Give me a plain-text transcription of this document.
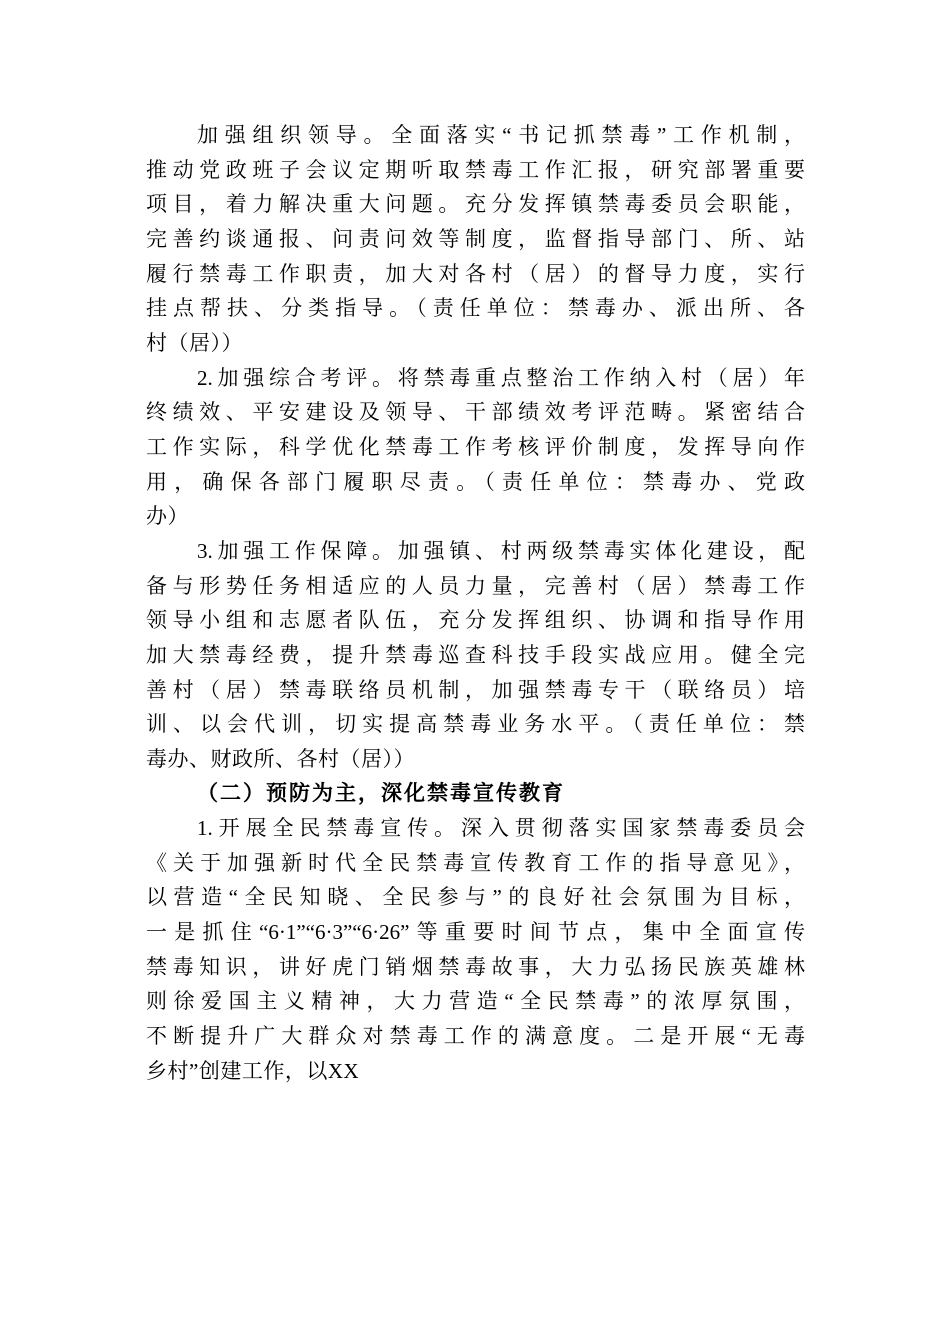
加强组织领导。全面落实“书记抓禁毒”工作机制，
推动党政班子会议定期听取禁毒工作汇报，研究部署重要
项目，着力解决重大问题。充分发挥镇禁毒委员会职能，
完善约谈通报、问责问效等制度，监督指导部门、所、站
履行禁毒工作职责，加大对各村（居）的督导力度，实行
挂点帮扶、分类指导。（责任单位：禁毒办、派出所、各
村（居））
2.加强综合考评。将禁毒重点整治工作纳入村（居）年
终绩效、平安建设及领导、干部绩效考评范畴。紧密结合
工作实际，科学优化禁毒工作考核评价制度，发挥导向作
用，确保各部门履职尽责。（责任单位：禁毒办、党政
办）
3.加强工作保障。加强镇、村两级禁毒实体化建设，配
备与形势任务相适应的人员力量，完善村（居）禁毒工作
领导小组和志愿者队伍，充分发挥组织、协调和指导作用
加大禁毒经费，提升禁毒巡查科技手段实战应用。健全完
善村（居）禁毒联络员机制，加强禁毒专干（联络员）培
训、以会代训，切实提高禁毒业务水平。（责任单位：禁
毒办、财政所、各村（居））
（二）预防为主，深化禁毒宣传教育
1.开展全民禁毒宣传。深入贯彻落实国家禁毒委员会
《关于加强新时代全民禁毒宣传教育工作的指导意见》，
以营造“全民知晓、全民参与”的良好社会氛围为目标，
一是抓住“6·1”“6·3”“6·26”等重要时间节点，集中全面宣传
禁毒知识，讲好虎门销烟禁毒故事，大力弘扬民族英雄林
则徐爱国主义精神，大力营造“全民禁毒”的浓厚氛围，
不断提升广大群众对禁毒工作的满意度。二是开展“无毒
乡村”创建工作，以XX
